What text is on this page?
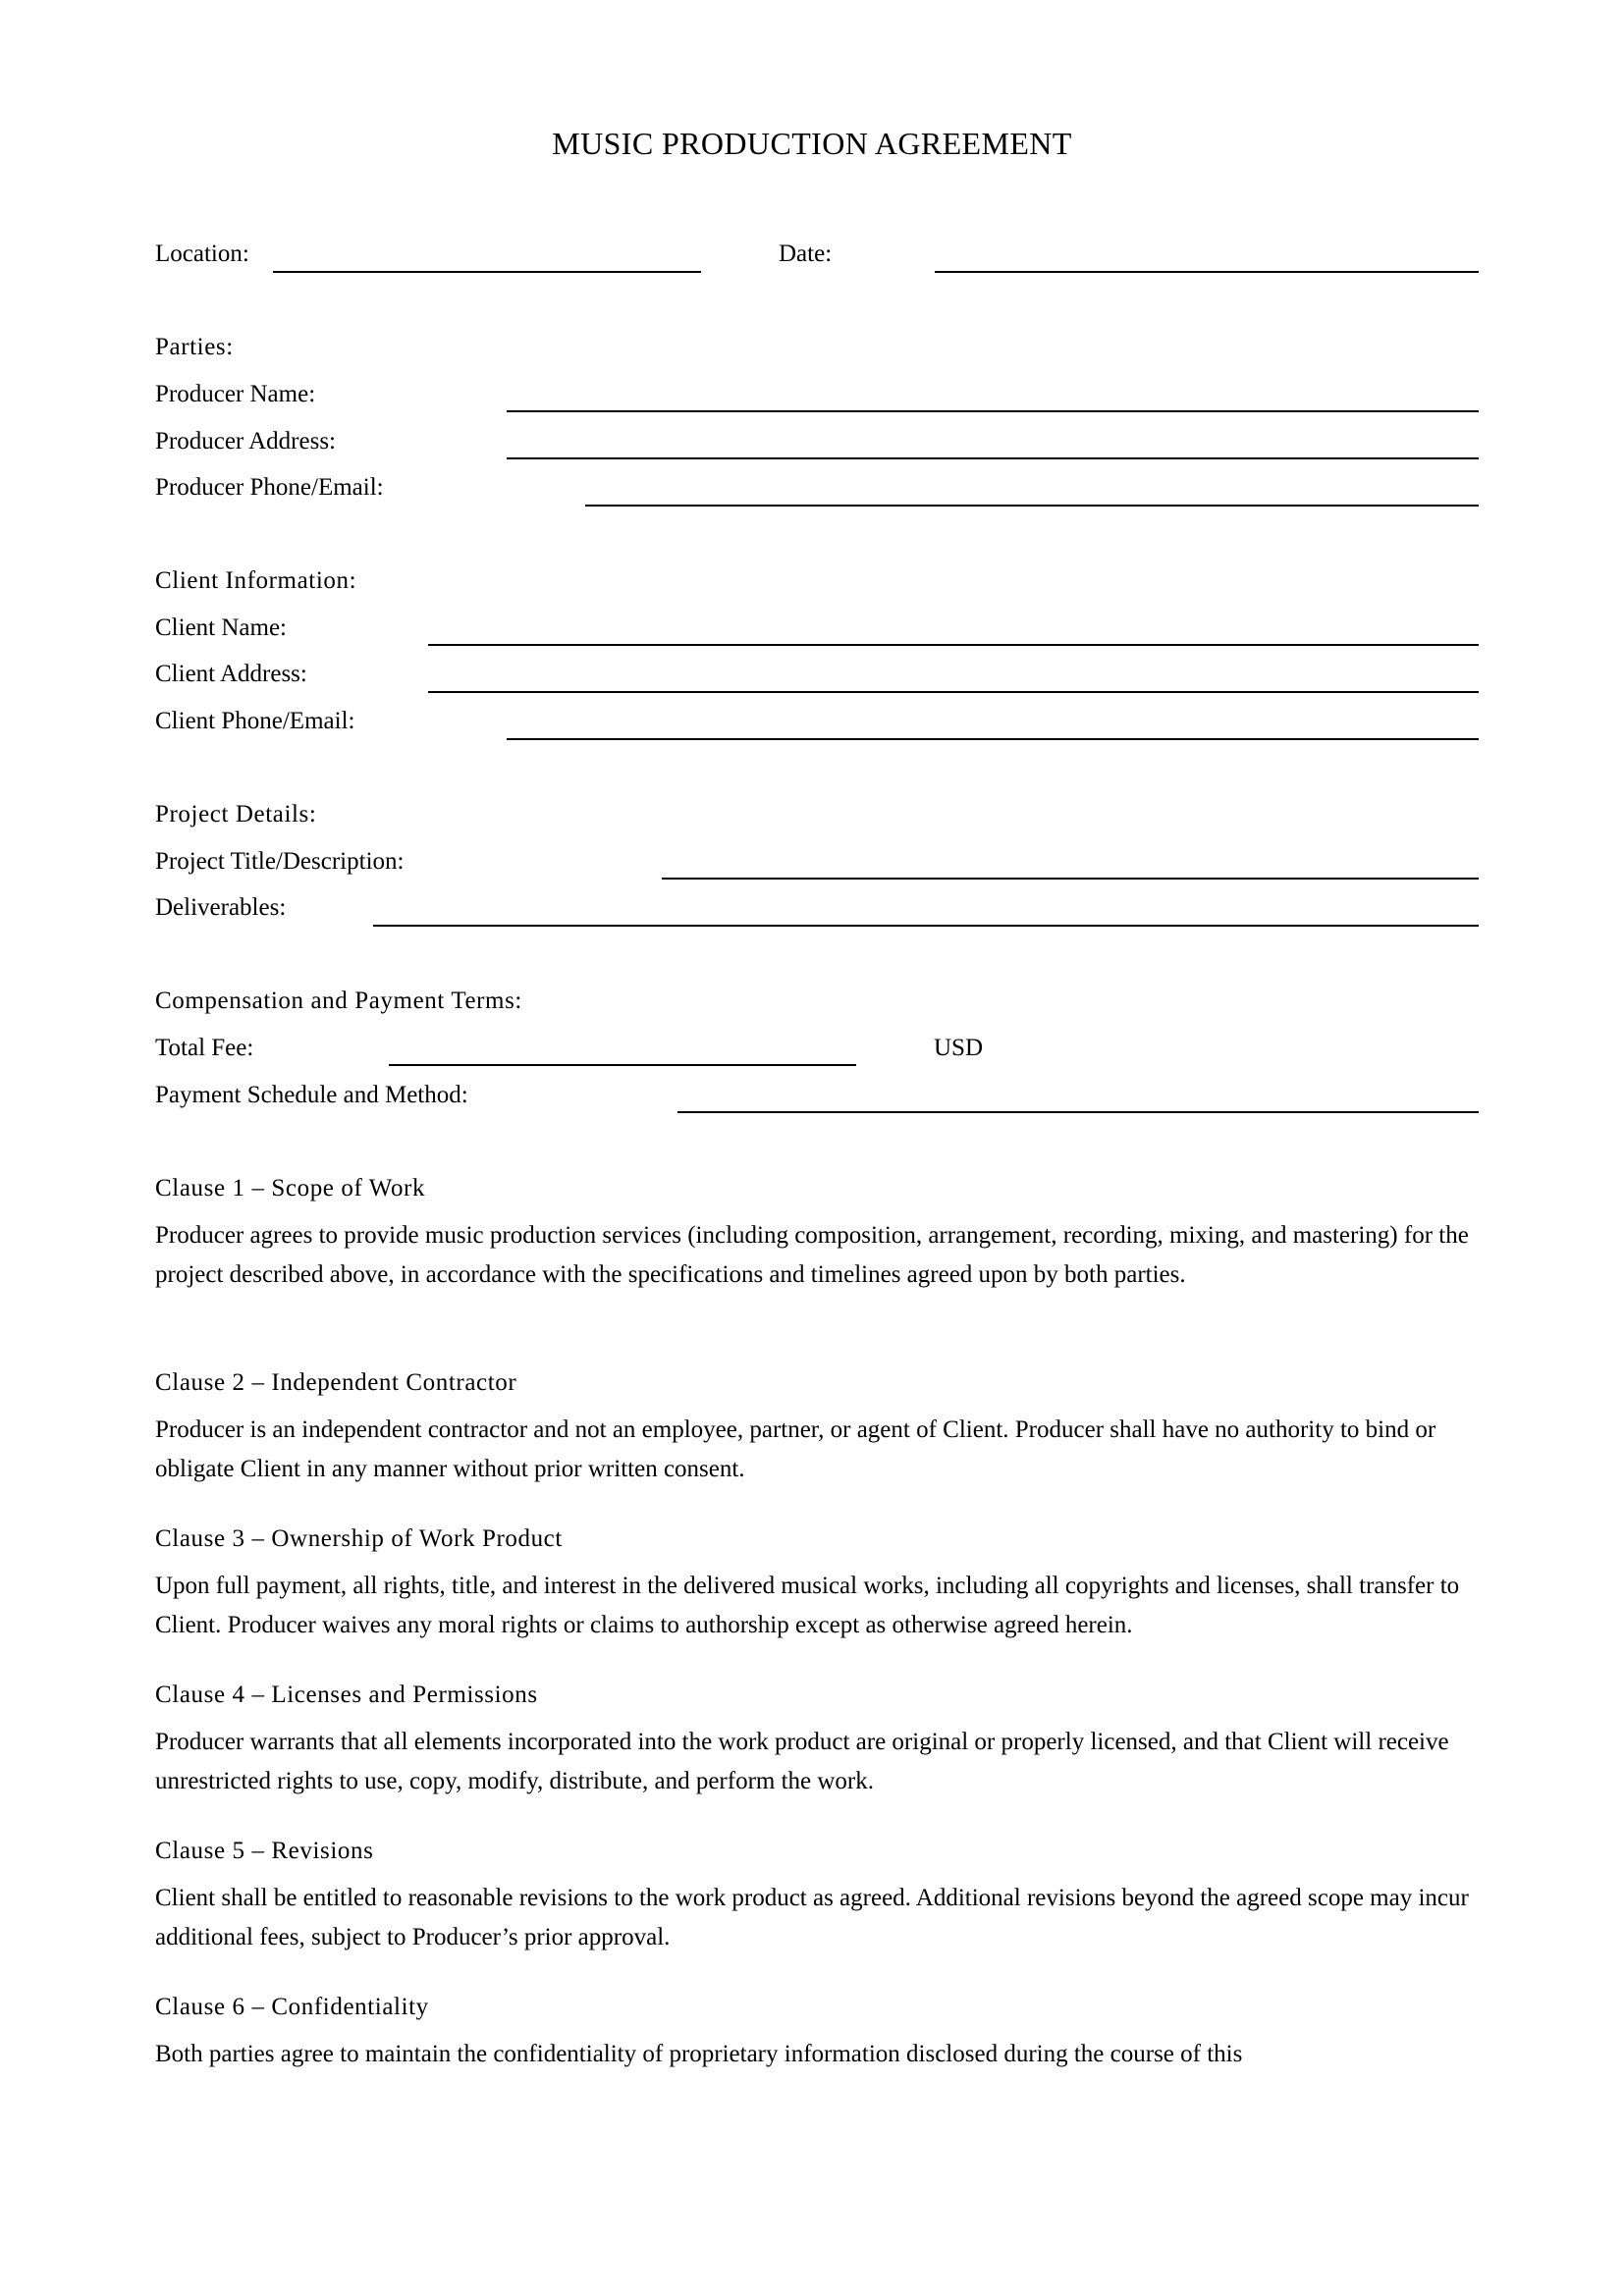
MUSIC PRODUCTION AGREEMENT
Location:	Date:
Parties:
Producer Name:
Producer Address:
Producer Phone/Email:
Client Information:
Client Name:
Client Address:
Client Phone/Email:
Project Details:
Project Title/Description:
Deliverables:
Compensation and Payment Terms:
Total Fee:	USD
Payment Schedule and Method:
Clause 1 – Scope of Work
Producer agrees to provide music production services (including composition, arrangement, recording, mixing, and mastering) for the project described above, in accordance with the specifications and timelines agreed upon by both parties.
Clause 2 – Independent Contractor
Producer is an independent contractor and not an employee, partner, or agent of Client. Producer shall have no authority to bind or obligate Client in any manner without prior written consent.
Clause 3 – Ownership of Work Product
Upon full payment, all rights, title, and interest in the delivered musical works, including all copyrights and licenses, shall transfer to Client. Producer waives any moral rights or claims to authorship except as otherwise agreed herein.
Clause 4 – Licenses and Permissions
Producer warrants that all elements incorporated into the work product are original or properly licensed, and that Client will receive unrestricted rights to use, copy, modify, distribute, and perform the work.
Clause 5 – Revisions
Client shall be entitled to reasonable revisions to the work product as agreed. Additional revisions beyond the agreed scope may incur additional fees, subject to Producer’s prior approval.
Clause 6 – Confidentiality
Both parties agree to maintain the confidentiality of proprietary information disclosed during the course of this
